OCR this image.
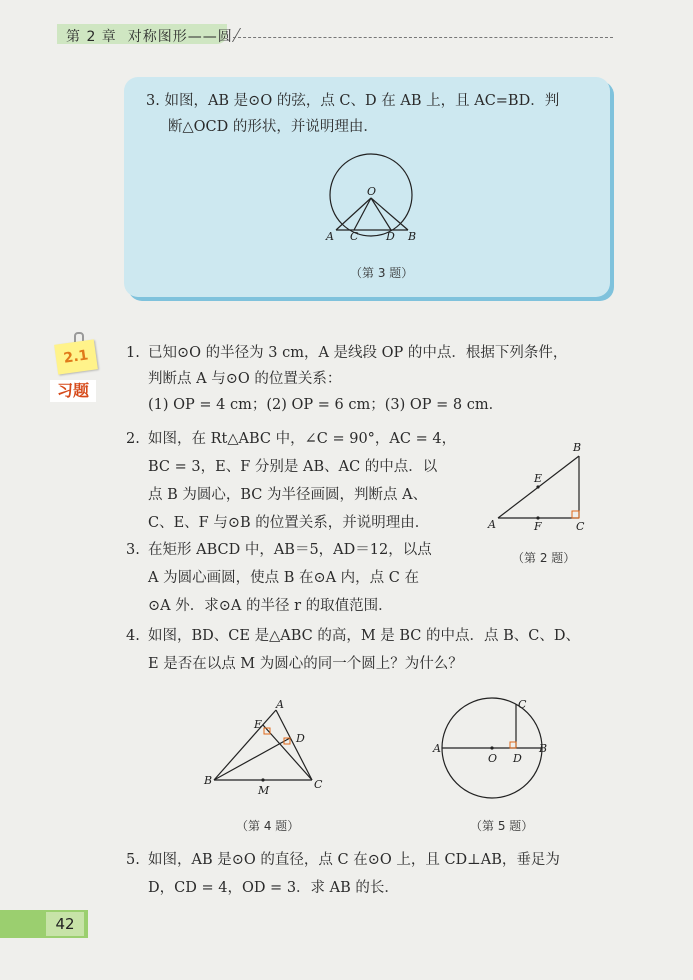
第 2 章 对称图形——圆
3. 如图，AB 是⊙O 的弦，点 C、D 在 AB 上，且 AC=BD．判
断△OCD 的形状，并说明理由．
O
A C	D B
（第 3 题）
2.1
习题
1. 已知⊙O 的半径为 3 cm，A 是线段 OP 的中点．根据下列条件，
判断点 A 与⊙O 的位置关系：
(1) OP = 4 cm；(2) OP = 6 cm；(3) OP = 8 cm．
2. 如图，在 Rt△ABC 中，∠C = 90°，AC = 4，
BC = 3，E、F 分别是 AB、AC 的中点．以
点 B 为圆心，BC 为半径画圆，判断点 A、
C、E、F 与⊙B 的位置关系，并说明理由．
B
E
A	F	C
（第 2 题）
3. 在矩形 ABCD 中，AB＝5，AD＝12，以点
A 为圆心画圆，使点 B 在⊙A 内，点 C 在
⊙A 外．求⊙A 的半径 r 的取值范围．
4. 如图，BD、CE 是△ABC 的高，M 是 BC 的中点．点 B、C、D、
E 是否在以点 M 为圆心的同一个圆上？为什么？
A
E
D
B	C
M
（第 4 题）
C
A	B
O D
（第 5 题）
5. 如图，AB 是⊙O 的直径，点 C 在⊙O 上，且 CD⊥AB，垂足为
D，CD = 4，OD = 3．求 AB 的长．
42
